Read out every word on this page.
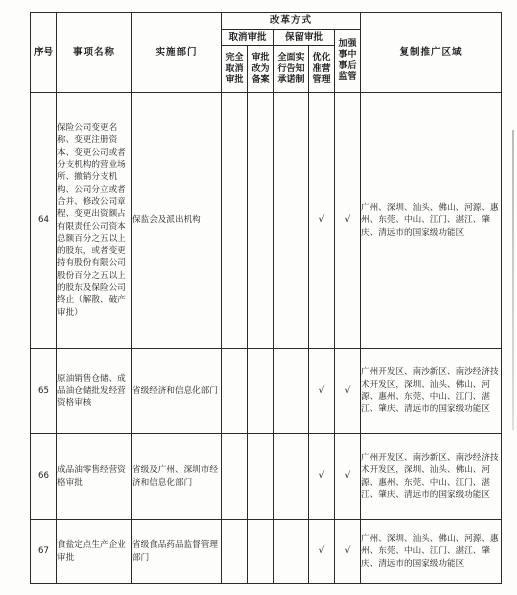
序号	事项名称	实施部门	改革方式					复制推广区域
			取消审批		保留审批		加强事中事后监管	
			完全取消审批	审批改为备案	全面实行告知承诺制	优化准营管理		
64	保险公司变更名称、变更注册资本、变更公司或者分支机构的营业场所、撤销分支机构、公司分立或者合并、修改公司章程、变更出资额占有限责任公司资本总额百分之五以上的股东，或者变更持有股份有限公司股份百分之五以上的股东及保险公司终止（解散、破产审批）	保监会及派出机构				√	√	广州、深圳、汕头、佛山、河源、惠州、东莞、中山、江门、湛江、肇庆、清远市的国家级功能区
65	原油销售仓储、成品油仓储批发经营资格审核	省级经济和信息化部门				√	√	广州开发区、南沙新区、南沙经济技术开发区，深圳、汕头、佛山、河源、惠州、东莞、中山、江门、湛江、肇庆、清远市的国家级功能区
66	成品油零售经营资格审批	省级及广州、深圳市经济和信息化部门				√	√	广州开发区、南沙新区、南沙经济技术开发区，深圳、汕头、佛山、河源、惠州、东莞、中山、江门、湛江、肇庆、清远市的国家级功能区
67	食盐定点生产企业审批	省级食品药品监督管理部门				√	√	广州、深圳、汕头、佛山、河源、惠州、东莞、中山、江门、湛江、肇庆、清远市的国家级功能区
